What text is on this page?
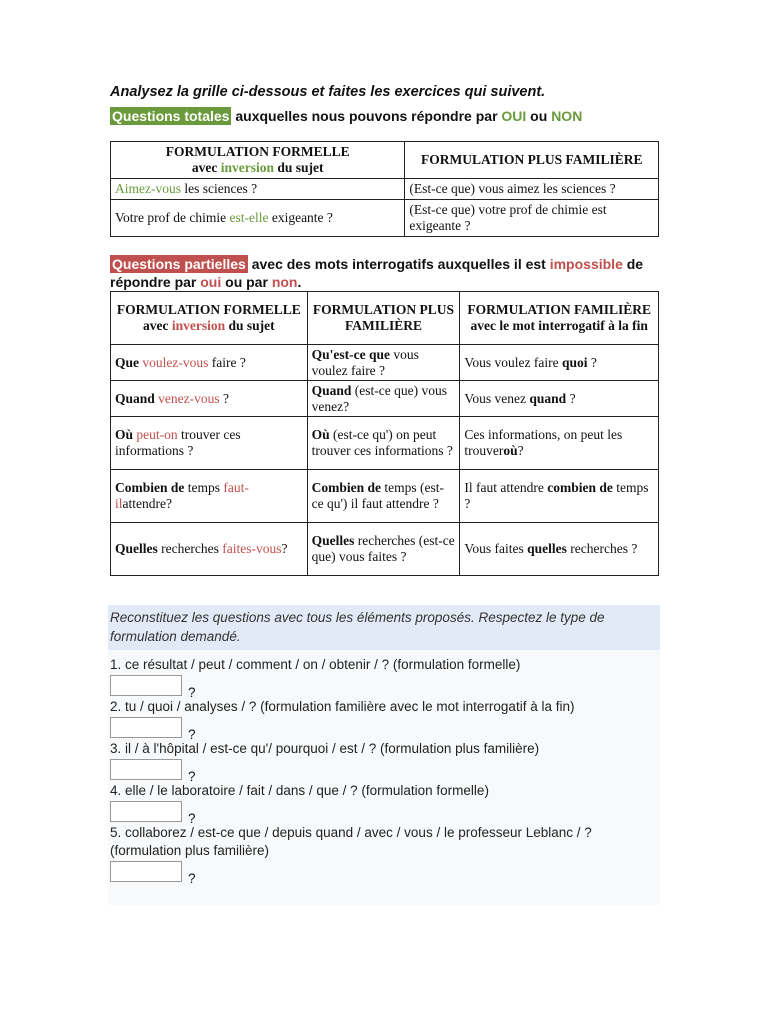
Analysez la grille ci-dessous et faites les exercices qui suivent.

Questions totales auxquelles nous pouvons répondre par OUI ou NON

FORMULATION FORMELLE
avec inversion du sujet	FORMULATION PLUS FAMILIÈRE
Aimez-vous les sciences ?	(Est-ce que) vous aimez les sciences ?
Votre prof de chimie est-elle exigeante ?	(Est-ce que) votre prof de chimie est exigeante ?

Questions partielles avec des mots interrogatifs auxquelles il est impossible de répondre par oui ou par non.

FORMULATION FORMELLE
avec inversion du sujet	FORMULATION PLUS FAMILIÈRE	FORMULATION FAMILIÈRE avec le mot interrogatif à la fin
Que voulez-vous faire ?	Qu'est-ce que vous voulez faire ?	Vous voulez faire quoi ?
Quand venez-vous ?	Quand (est-ce que) vous venez?	Vous venez quand ?
Où peut-on trouver ces informations ?	Où (est-ce qu') on peut trouver ces informations ?	Ces informations, on peut les trouveroù?
Combien de temps faut-ilattendre?	Combien de temps (est-ce qu') il faut attendre ?	Il faut attendre combien de temps ?
Quelles recherches faites-vous?	Quelles recherches (est-ce que) vous faites ?	Vous faites quelles recherches ?
Reconstituez les questions avec tous les éléments proposés. Respectez le type de formulation demandé.
1. ce résultat / peut / comment / on / obtenir / ? (formulation formelle)
?
2. tu / quoi / analyses / ? (formulation familière avec le mot interrogatif à la fin)
?
3. il / à l'hôpital / est-ce qu'/ pourquoi / est / ? (formulation plus familière)
?
4. elle / le laboratoire / fait / dans / que / ? (formulation formelle)
?
5. collaborez / est-ce que / depuis quand / avec / vous / le professeur Leblanc / ? (formulation plus familière)
?
